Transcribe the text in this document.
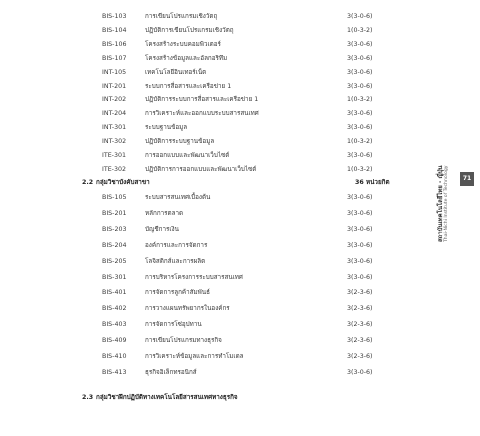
BIS-103	การเขียนโปรแกรมเชิงวัตถุ	3(3-0-6)
BIS-104	ปฏิบัติการเขียนโปรแกรมเชิงวัตถุ	1(0-3-2)
BIS-106	โครงสร้างระบบคอมพิวเตอร์	3(3-0-6)
BIS-107	โครงสร้างข้อมูลและอัลกอริทึม	3(3-0-6)
INT-105	เทคโนโลยีอินเทอร์เน็ต	3(3-0-6)
INT-201	ระบบการสื่อสารและเครือข่าย 1	3(3-0-6)
INT-202	ปฏิบัติการระบบการสื่อสารและเครือข่าย 1	1(0-3-2)
INT-204	การวิเคราะห์และออกแบบระบบสารสนเทศ	3(3-0-6)
INT-301	ระบบฐานข้อมูล	3(3-0-6)
INT-302	ปฏิบัติการระบบฐานข้อมูล	1(0-3-2)
ITE-301	การออกแบบและพัฒนาเว็บไซต์	3(3-0-6)
ITE-302	ปฏิบัติการการออกแบบและพัฒนาเว็บไซต์	1(0-3-2)
2.2 กลุ่มวิชาบังคับสาขา	36 หน่วยกิต
BIS-105	ระบบสารสนเทศเบื้องต้น	3(3-0-6)
BIS-201	หลักการตลาด	3(3-0-6)
BIS-203	บัญชีการเงิน	3(3-0-6)
BIS-204	องค์การและการจัดการ	3(3-0-6)
BIS-205	โลจิสติกส์และการผลิต	3(3-0-6)
BIS-301	การบริหารโครงการระบบสารสนเทศ	3(3-0-6)
BIS-401	การจัดการลูกค้าสัมพันธ์	3(2-3-6)
BIS-402	การวางแผนทรัพยากรในองค์กร	3(2-3-6)
BIS-403	การจัดการโซ่อุปทาน	3(2-3-6)
BIS-409	การเขียนโปรแกรมทางธุรกิจ	3(2-3-6)
BIS-410	การวิเคราะห์ข้อมูลและการทำโมเดล	3(2-3-6)
BIS-413	ธุรกิจอิเล็กทรอนิกส์	3(3-0-6)
2.3 กลุ่มวิชาฝึกปฏิบัติทางเทคโนโลยีสารสนเทศทางธุรกิจ
สถาบันเทคโนโลยีไทย - ญี่ปุ่น Thai-Nichi Institute of Technology	71
